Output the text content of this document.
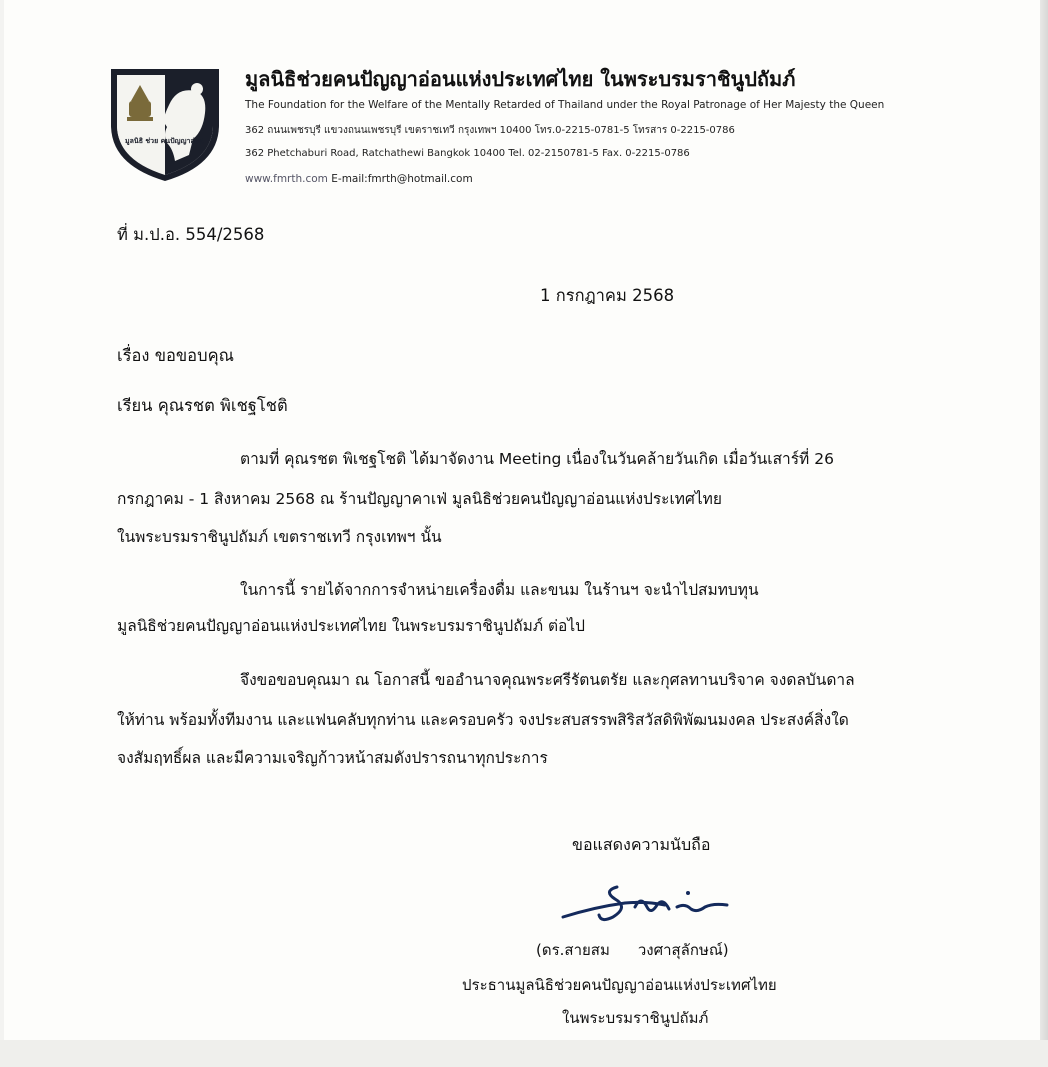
มูลนิธิ ช่วย คนปัญญาอ่อน
มูลนิธิช่วยคนปัญญาอ่อนแห่งประเทศไทย ในพระบรมราชินูปถัมภ์
The Foundation for the Welfare of the Mentally Retarded of Thailand under the Royal Patronage of Her Majesty the Queen
362 ถนนเพชรบุรี แขวงถนนเพชรบุรี เขตราชเทวี กรุงเทพฯ 10400 โทร.0-2215-0781-5 โทรสาร 0-2215-0786
362 Phetchaburi Road, Ratchathewi Bangkok 10400 Tel. 02-2150781-5 Fax. 0-2215-0786
www.fmrth.com E-mail:fmrth@hotmail.com
ที่ ม.ป.อ. 554/2568
1 กรกฎาคม 2568
เรื่อง ขอขอบคุณ
เรียน คุณรชต พิเชฐโชติ
ตามที่ คุณรชต พิเชฐโชติ ได้มาจัดงาน Meeting เนื่องในวันคล้ายวันเกิด เมื่อวันเสาร์ที่ 26
กรกฎาคม - 1 สิงหาคม 2568 ณ ร้านปัญญาคาเฟ่ มูลนิธิช่วยคนปัญญาอ่อนแห่งประเทศไทย
ในพระบรมราชินูปถัมภ์ เขตราชเทวี กรุงเทพฯ นั้น
ในการนี้ รายได้จากการจำหน่ายเครื่องดื่ม และขนม ในร้านฯ จะนำไปสมทบทุน
มูลนิธิช่วยคนปัญญาอ่อนแห่งประเทศไทย ในพระบรมราชินูปถัมภ์ ต่อไป
จึงขอขอบคุณมา ณ โอกาสนี้ ขออำนาจคุณพระศรีรัตนตรัย และกุศลทานบริจาค จงดลบันดาล
ให้ท่าน พร้อมทั้งทีมงาน และแฟนคลับทุกท่าน และครอบครัว จงประสบสรรพสิริสวัสดิพิพัฒนมงคล ประสงค์สิ่งใด
จงสัมฤทธิ์ผล และมีความเจริญก้าวหน้าสมดังปรารถนาทุกประการ
ขอแสดงความนับถือ
(ดร.สายสม วงศาสุลักษณ์)
ประธานมูลนิธิช่วยคนปัญญาอ่อนแห่งประเทศไทย
ในพระบรมราชินูปถัมภ์
